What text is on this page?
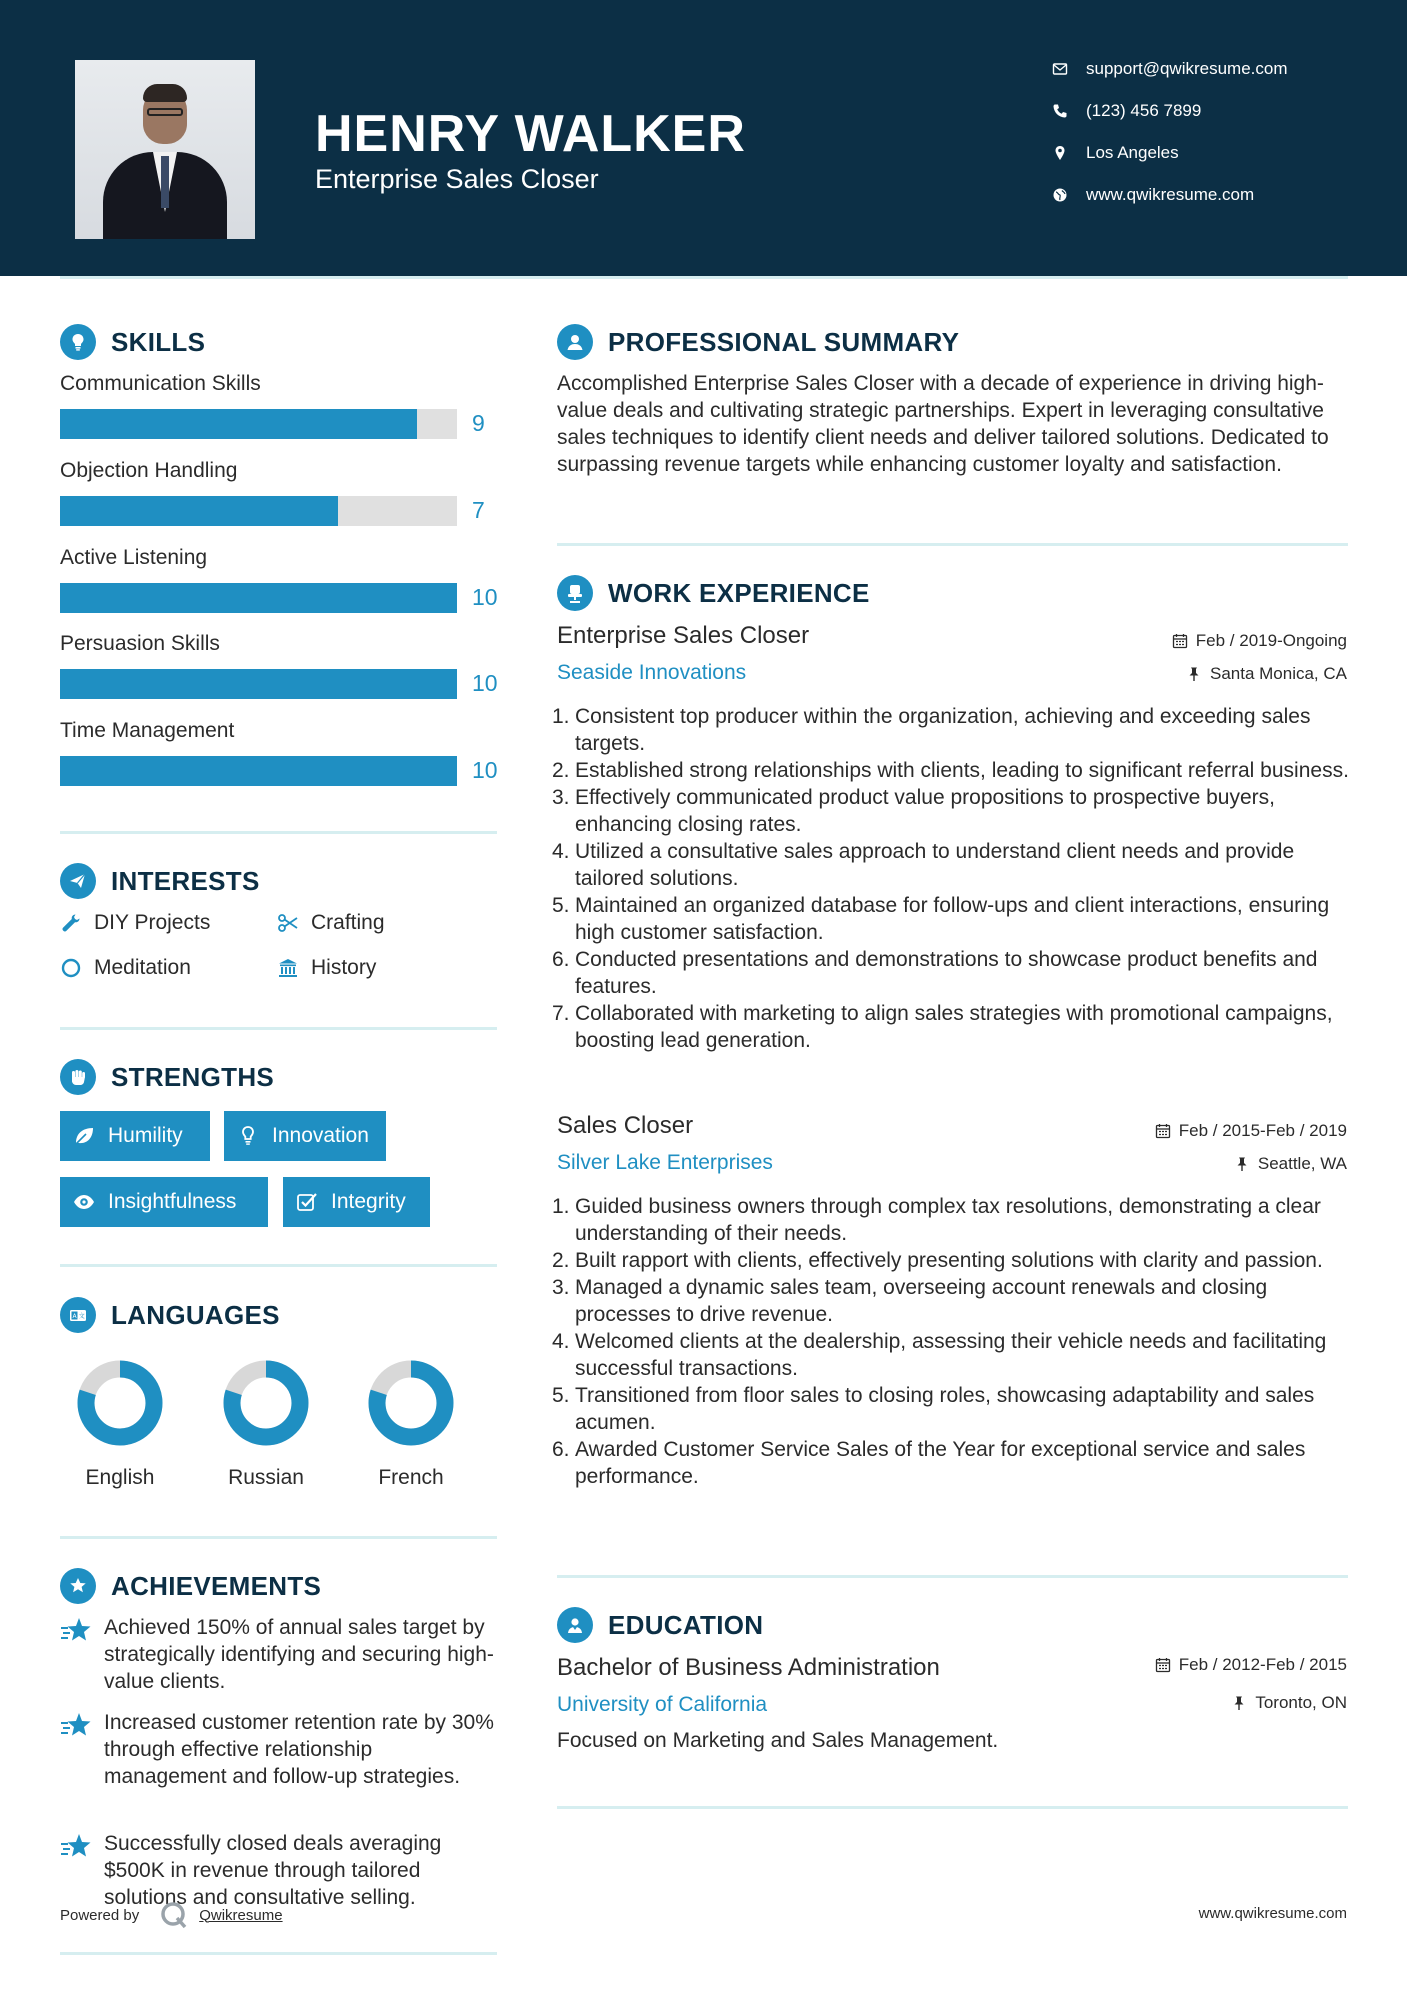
HENRY WALKER
Enterprise Sales Closer
support@qwikresume.com
(123) 456 7899
Los Angeles
www.qwikresume.com
SKILLS
Communication Skills
9
Objection Handling
7
Active Listening
10
Persuasion Skills
10
Time Management
10
INTERESTS
DIY Projects	Crafting
Meditation	History
STRENGTHS
Humility	Innovation
Insightfulness	Integrity
A 文 LANGUAGES
English	Russian	French
ACHIEVEMENTS
Achieved 150% of annual sales target by strategically identifying and securing high-value clients.
Increased customer retention rate by 30% through effective relationship management and follow-up strategies.
Successfully closed deals averaging $500K in revenue through tailored solutions and consultative selling.
PROFESSIONAL SUMMARY
Accomplished Enterprise Sales Closer with a decade of experience in driving high-value deals and cultivating strategic partnerships. Expert in leveraging consultative sales techniques to identify client needs and deliver tailored solutions. Dedicated to surpassing revenue targets while enhancing customer loyalty and satisfaction.
WORK EXPERIENCE
Enterprise Sales Closer	Feb / 2019-Ongoing
Seaside Innovations	Santa Monica, CA
1. Consistent top producer within the organization, achieving and exceeding sales targets.
2. Established strong relationships with clients, leading to significant referral business.
3. Effectively communicated product value propositions to prospective buyers, enhancing closing rates.
4. Utilized a consultative sales approach to understand client needs and provide tailored solutions.
5. Maintained an organized database for follow-ups and client interactions, ensuring high customer satisfaction.
6. Conducted presentations and demonstrations to showcase product benefits and features.
7. Collaborated with marketing to align sales strategies with promotional campaigns, boosting lead generation.
Sales Closer	Feb / 2015-Feb / 2019
Silver Lake Enterprises	Seattle, WA
1. Guided business owners through complex tax resolutions, demonstrating a clear understanding of their needs.
2. Built rapport with clients, effectively presenting solutions with clarity and passion.
3. Managed a dynamic sales team, overseeing account renewals and closing processes to drive revenue.
4. Welcomed clients at the dealership, assessing their vehicle needs and facilitating successful transactions.
5. Transitioned from floor sales to closing roles, showcasing adaptability and sales acumen.
6. Awarded Customer Service Sales of the Year for exceptional service and sales performance.
EDUCATION
Bachelor of Business Administration	Feb / 2012-Feb / 2015
University of California	Toronto, ON
Focused on Marketing and Sales Management.
Powered by	Qwikresume	www.qwikresume.com
